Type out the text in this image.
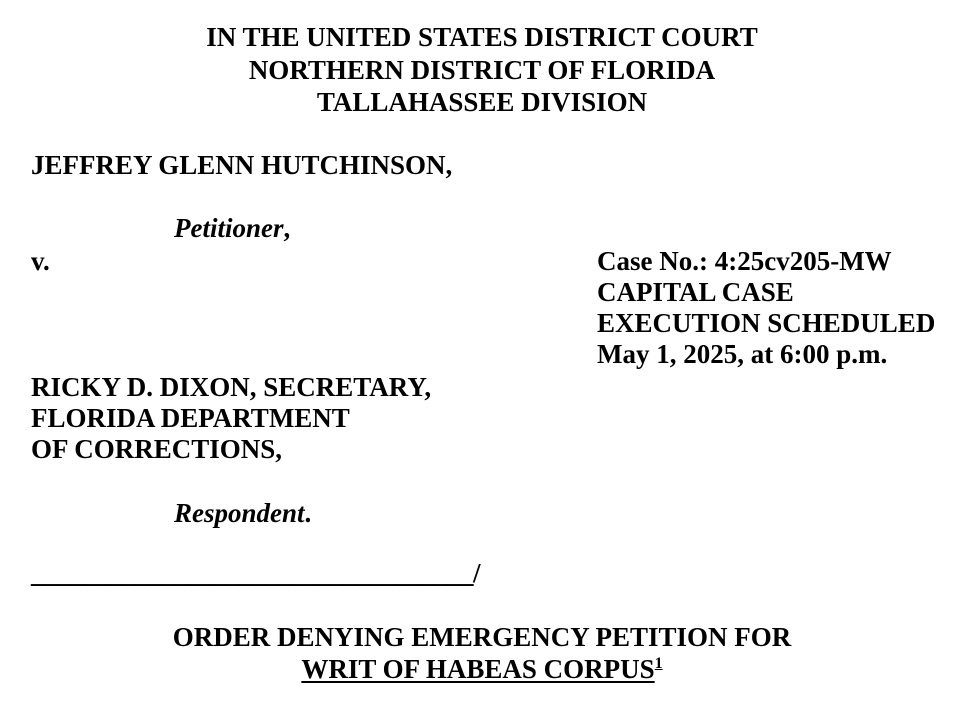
IN THE UNITED STATES DISTRICT COURT
NORTHERN DISTRICT OF FLORIDA
TALLAHASSEE DIVISION
JEFFREY GLENN HUTCHINSON,
Petitioner,
v.	Case No.: 4:25cv205-MW
CAPITAL CASE
EXECUTION SCHEDULED
May 1, 2025, at 6:00 p.m.
RICKY D. DIXON, SECRETARY,
FLORIDA DEPARTMENT
OF CORRECTIONS,
Respondent.
__________________________________/
ORDER DENYING EMERGENCY PETITION FOR
WRIT OF HABEAS CORPUS$^1$
